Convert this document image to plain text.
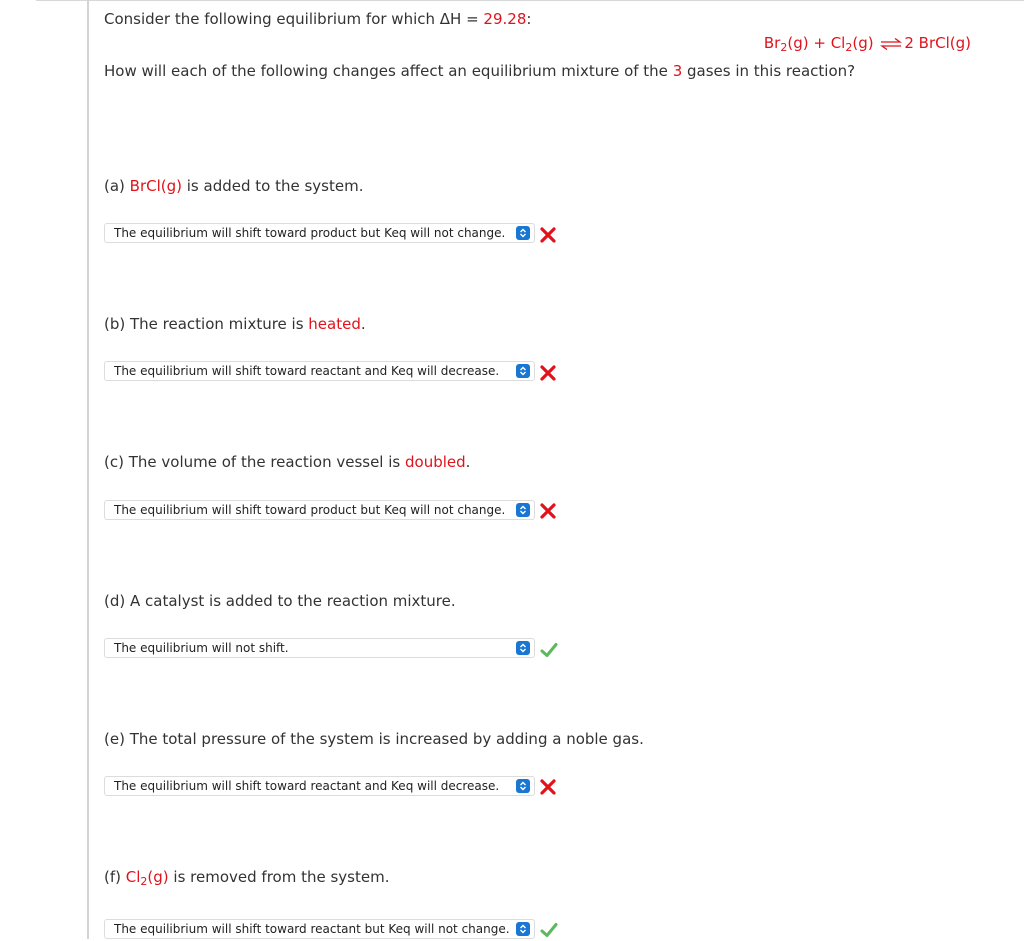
Consider the following equilibrium for which ΔH = 29.28:
$Br_2(g) + Cl_2(g)$ ⇌ 2 BrCl(g)
How will each of the following changes affect an equilibrium mixture of the 3 gases in this reaction?
(a) BrCl(g) is added to the system.
The equilibrium will shift toward product but Keq will not change.
(b) The reaction mixture is heated.
The equilibrium will shift toward reactant and Keq will decrease.
(c) The volume of the reaction vessel is doubled.
The equilibrium will shift toward product but Keq will not change.
(d) A catalyst is added to the reaction mixture.
The equilibrium will not shift.
(e) The total pressure of the system is increased by adding a noble gas.
The equilibrium will shift toward reactant and Keq will decrease.
(f) $Cl_2(g)$ is removed from the system.
The equilibrium will shift toward reactant but Keq will not change.
